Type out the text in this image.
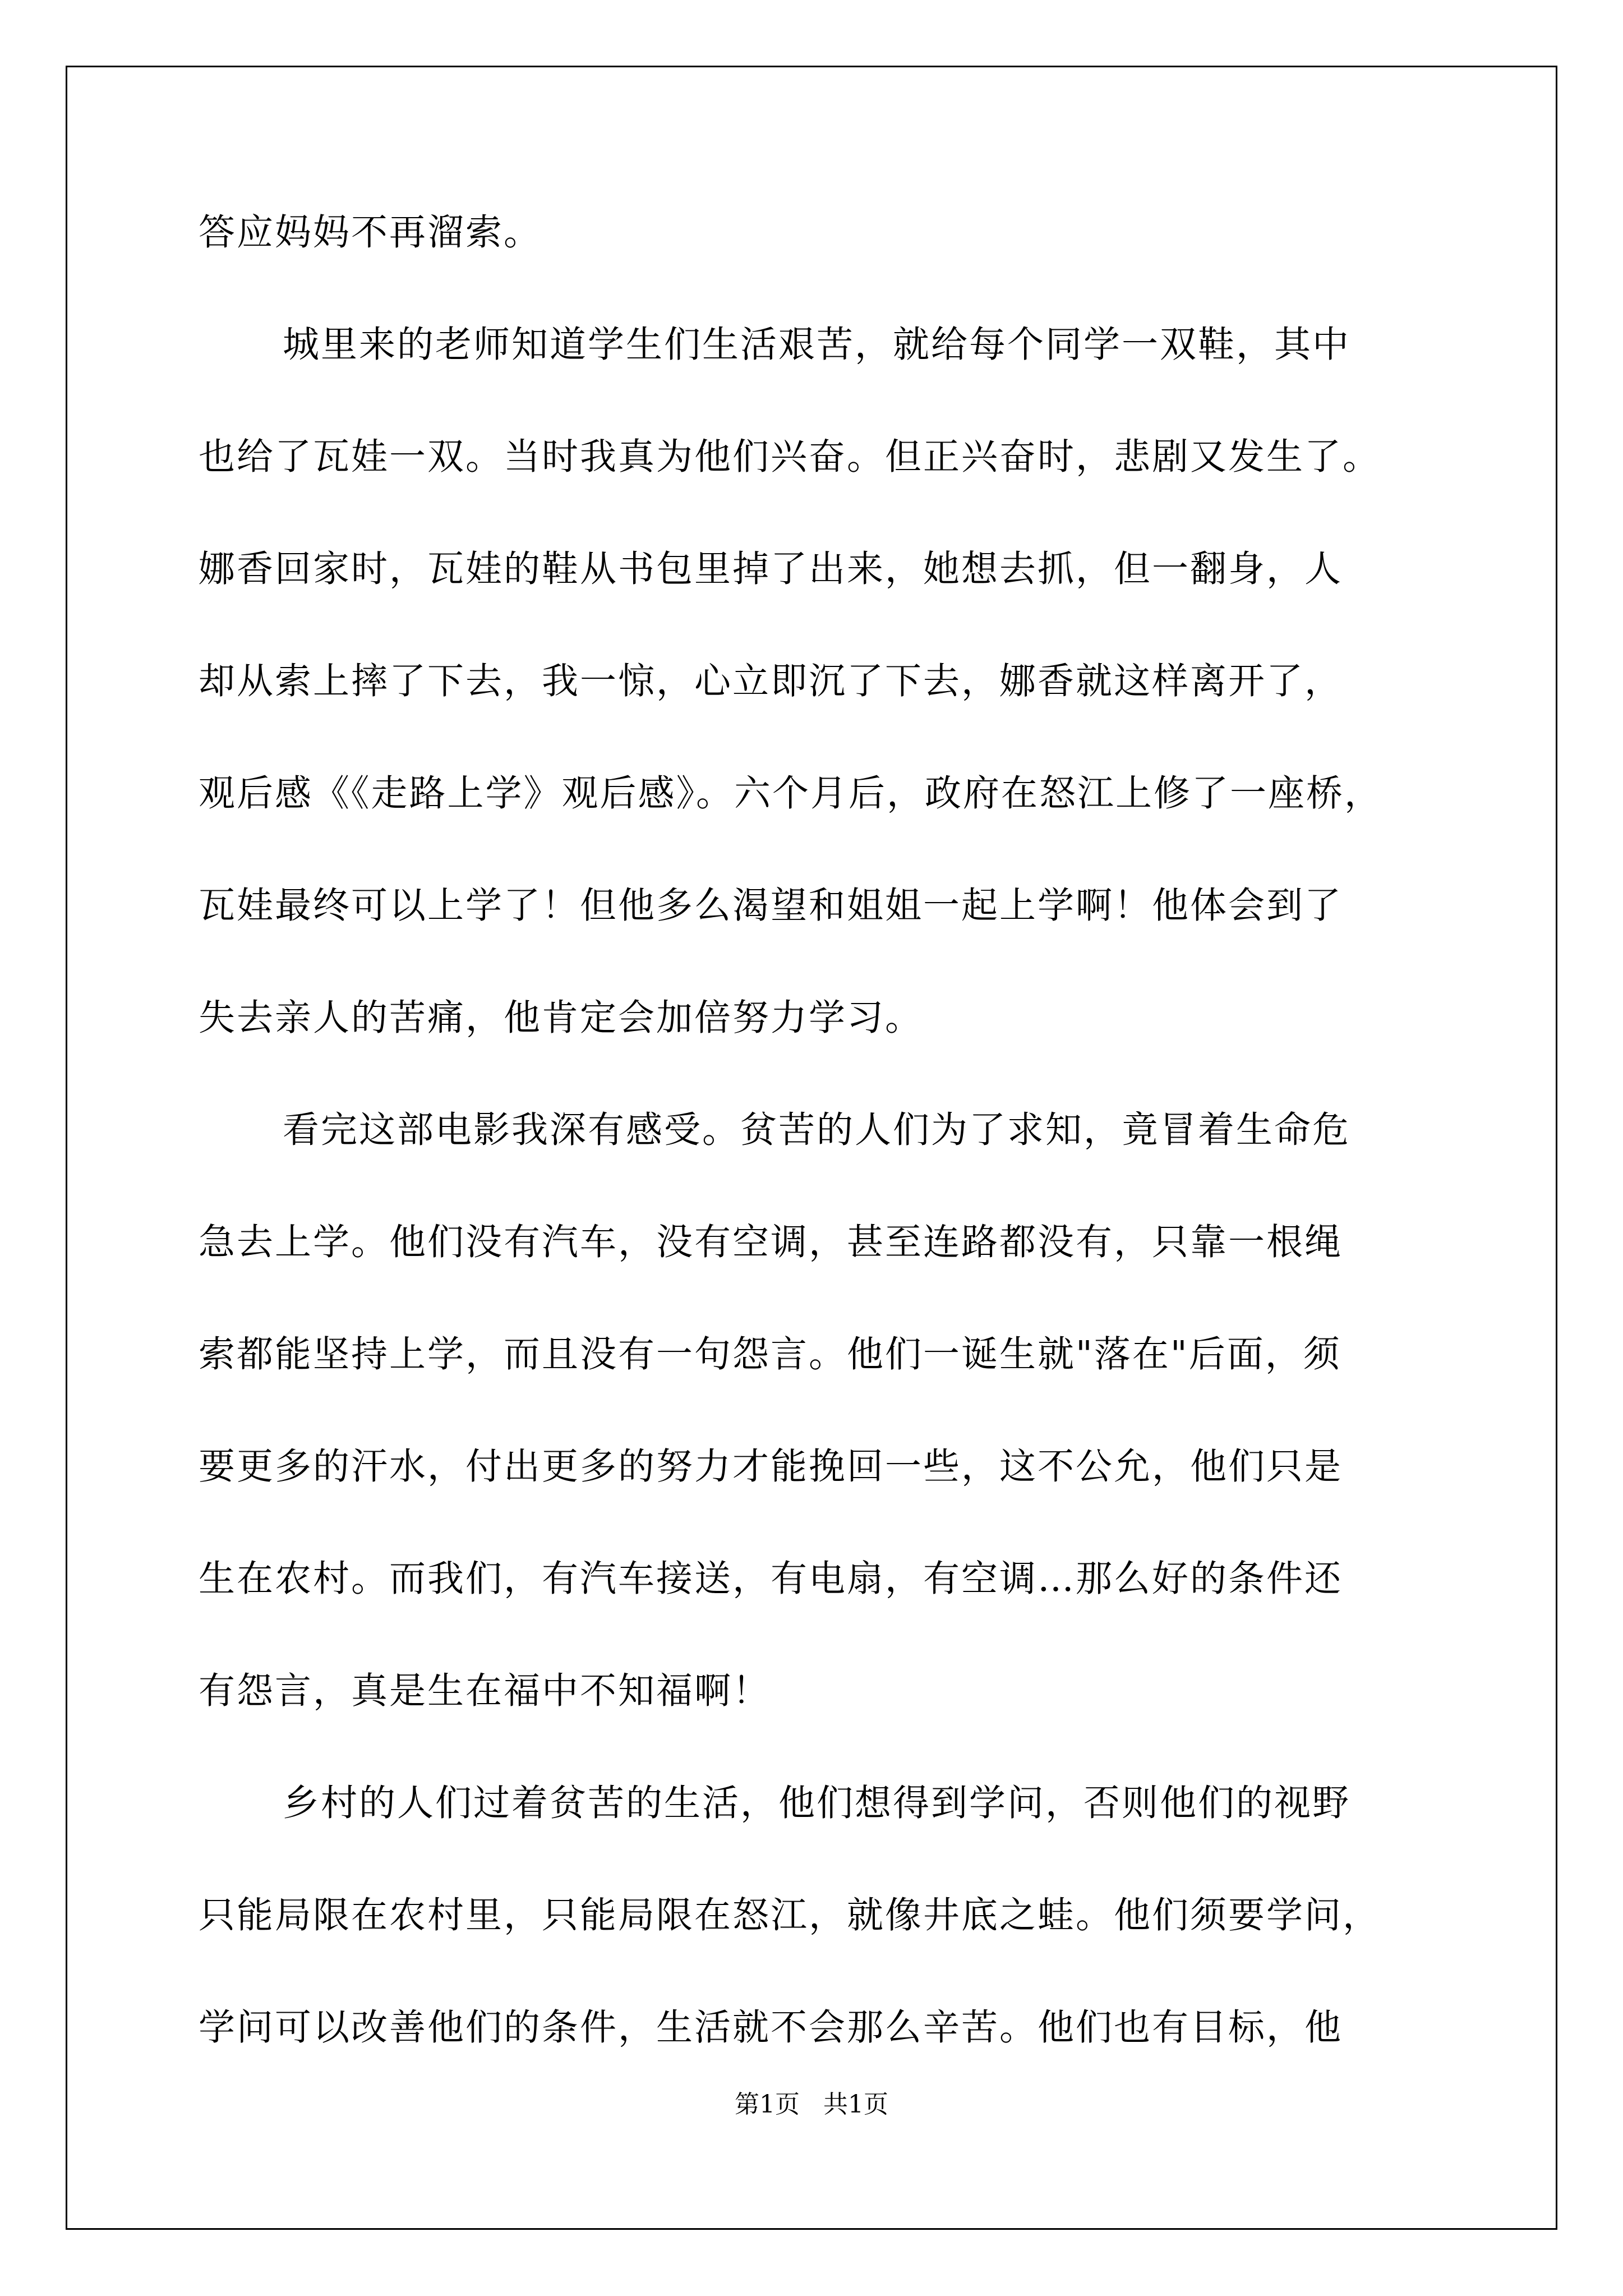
答应妈妈不再溜索。
城里来的老师知道学生们生活艰苦，就给每个同学一双鞋，其中
也给了瓦娃一双。当时我真为他们兴奋。但正兴奋时，悲剧又发生了。
娜香回家时，瓦娃的鞋从书包里掉了出来，她想去抓，但一翻身，人
却从索上摔了下去，我一惊，心立即沉了下去，娜香就这样离开了，
观后感《《走路上学》观后感》。六个月后，政府在怒江上修了一座桥，
瓦娃最终可以上学了！但他多么渴望和姐姐一起上学啊！他体会到了
失去亲人的苦痛，他肯定会加倍努力学习。
看完这部电影我深有感受。贫苦的人们为了求知，竟冒着生命危
急去上学。他们没有汽车，没有空调，甚至连路都没有，只靠一根绳
索都能坚持上学，而且没有一句怨言。他们一诞生就"落在"后面，须
要更多的汗水，付出更多的努力才能挽回一些，这不公允，他们只是
生在农村。而我们，有汽车接送，有电扇，有空调…那么好的条件还
有怨言，真是生在福中不知福啊！
乡村的人们过着贫苦的生活，他们想得到学问，否则他们的视野
只能局限在农村里，只能局限在怒江，就像井底之蛙。他们须要学问，
学问可以改善他们的条件，生活就不会那么辛苦。他们也有目标，他
第1页   共1页
